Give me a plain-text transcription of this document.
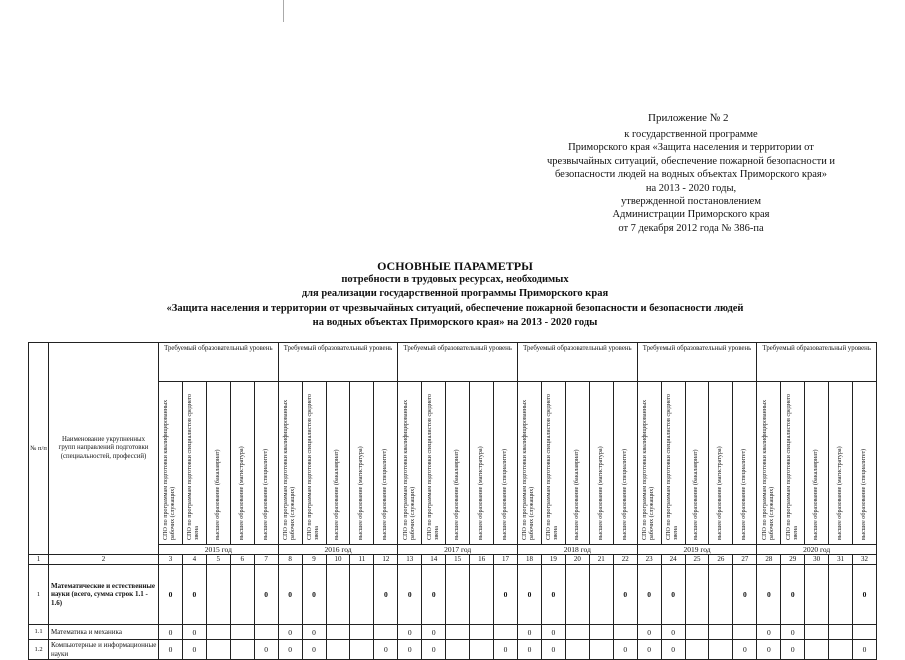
Приложение № 2
к государственной программе
Приморского края «Защита населения и территории от
чрезвычайных ситуаций, обеспечение пожарной безопасности и
безопасности людей на водных объектах Приморского края»
на 2013 - 2020 годы,
утвержденной постановлением
Администрации Приморского края
от 7 декабря 2012 года № 386-па
ОСНОВНЫЕ ПАРАМЕТРЫ
потребности в трудовых ресурсах, необходимых
для реализации государственной программы Приморского края
«Защита населения и территории от чрезвычайных ситуаций, обеспечение пожарной безопасности и безопасности людей
на водных объектах Приморского края» на 2013 - 2020 годы
№ п/п	Наименование укрупненных групп направлений подготовки (специальностей, профессий)	Требуемый образовательный уровень					Требуемый образовательный уровень					Требуемый образовательный уровень					Требуемый образовательный уровень					Требуемый образовательный уровень					Требуемый образовательный уровень				
		СПО по программам подготовки квалифицированных рабочих (служащих)	СПО по программам подготовки специалистов среднего звена	высшее образование (бакалавриат)	высшее образование (магистратура)	высшее образование (специалитет)	СПО по программам подготовки квалифицированных рабочих (служащих)	СПО по программам подготовки специалистов среднего звена	высшее образование (бакалавриат)	высшее образование (магистратура)	высшее образование (специалитет)	СПО по программам подготовки квалифицированных рабочих (служащих)	СПО по программам подготовки специалистов среднего звена	высшее образование (бакалавриат)	высшее образование (магистратура)	высшее образование (специалитет)	СПО по программам подготовки квалифицированных рабочих (служащих)	СПО по программам подготовки специалистов среднего звена	высшее образование (бакалавриат)	высшее образование (магистратура)	высшее образование (специалитет)	СПО по программам подготовки квалифицированных рабочих (служащих)	СПО по программам подготовки специалистов среднего звена	высшее образование (бакалавриат)	высшее образование (магистратура)	высшее образование (специалитет)	СПО по программам подготовки квалифицированных рабочих (служащих)	СПО по программам подготовки специалистов среднего звена	высшее образование (бакалавриат)	высшее образование (магистратура)	высшее образование (специалитет)
		2015 год					2016 год					2017 год					2018 год					2019 год					2020 год				
1	2	3	4	5	6	7	8	9	10	11	12	13	14	15	16	17	18	19	20	21	22	23	24	25	26	27	28	29	30	31	32
1	Математические и естественные науки (всего, сумма строк 1.1 - 1.6)	0	0			0	0	0			0	0	0			0	0	0			0	0	0			0	0	0			0
1.1	Математика и механика	0	0				0	0				0	0				0	0				0	0				0	0			
1.2	Компьютерные и информационные науки	0	0			0	0	0			0	0	0			0	0	0			0	0	0			0	0	0			0
